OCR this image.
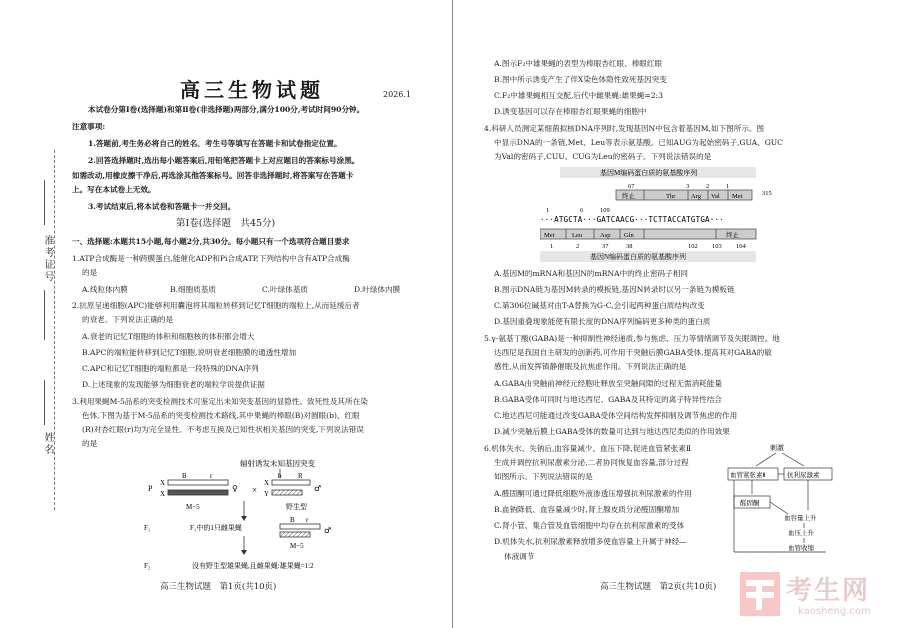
准考证号
姓名
高三生物试题	2026.1
本试卷分第Ⅰ卷(选择题)和第Ⅱ卷(非选择题)两部分,满分100分,考试时间90分钟。
注意事项:
1.答题前,考生务必将自己的姓名、考生号等填写在答题卡和试卷指定位置。
2.回答选择题时,选出每小题答案后,用铅笔把答题卡上对应题目的答案标号涂黑。
如需改动,用橡皮擦干净后,再选涂其他答案标号。回答非选择题时,将答案写在答题卡
上。写在本试卷上无效。
3.考试结束后,将本试卷和答题卡一并交回。
第Ⅰ卷(选择题　共45分)
一、选择题:本题共15小题,每小题2分,共30分。每小题只有一个选项符合题目要求
1.ATP合成酶是一种跨膜蛋白,能催化ADP和Pi合成ATP,下列结构中含有ATP合成酶
的是
A.线粒体内膜	B.细胞质基质	C.叶绿体基质	D.叶绿体内膜
2.抗原呈递细胞(APC)能够利用囊泡将其端粒转移到记忆T细胞的端粒上,从而延缓后者
的衰老。下列说法正确的是
A.衰老的记忆T细胞的体积和细胞核的体积都会增大
B.APC的端粒能转移到记忆T细胞,说明衰老细胞膜的通透性增加
C.APC和记忆T细胞的端粒都是一段特殊的DNA序列
D.上述现象的发现能够为细胞衰老的端粒学说提供证据
3.利用果蝇M-5品系的突变检测技术可鉴定出未知突变基因的显隐性、致死性及其所在染
色体,下图为基于M-5品系的突变检测技术路线,其中果蝇的棒眼(B)对圆眼(b)、红眼
(R)对杏红眼(r)均为完全显性。不考虑互换及已知性状相关基因的突变,下列说法错误
的是
辐射诱发未知基因突变
P
X
X
B	r
♀
M−5
×
X
Y
b R
♂
野生型
F₁	F₁中的1只雌果蝇
B r
♂
M−5
F₂	没有野生型雄果蝇,且雌果蝇:雄果蝇=1:2
高三生物试题　第1页(共10页)
A.图示F₂中雄果蝇的表型为棒眼杏红眼、棒眼红眼
B.图中所示诱变产生了伴X染色体隐性致死基因突变
C.F₂中雄果蝇相互交配,后代中雌果蝇:雄果蝇=2:3
D.诱变基因可以存在棒眼杏红眼果蝇的细胞中
4.科研人员测定某细菌拟核DNA序列时,发现基因N中包含着基因M,如下图所示。图
中显示DNA的一条链,Met、Leu等表示氨基酸。已知AUG为起始密码子,GUA、GUC
为Val的密码子,CUU、CUG为Leu的密码子。下列说法错误的是
基因M编码蛋白质的氨基酸序列
67	3	2	1
终止	Thr Arg Val Met	315
1	6	109
···ATGCTA···GATCAACG···TCTTACCATGTGA···
Met	Leu	Asp Gln	终止
1	2	37	38	102 103 104
基因N编码蛋白质的氨基酸序列
A.基因M的mRNA和基因N的mRNA中的终止密码子相同
B.图示DNA链为基因M转录的模板链,基因N转录时以另一条链为模板链
C.第306位碱基对由T-A替换为G-C,会引起两种蛋白质结构改变
D.基因重叠现象能使有限长度的DNA序列编码更多种类的蛋白质
5.γ-氨基丁酸(GABA)是一种抑制性神经递质,参与焦虑、压力等情绪调节及失眠调控。地
达西尼是我国自主研发的创新药,可作用于突触后膜GABA受体,提高其对GABA的敏
感性,从而发挥镇静催眠及抗焦虑作用。下列说法正确的是
A.GABA由突触前神经元经胞吐释放至突触间隙的过程无需消耗能量
B.GABA受体可同时与地达西尼、GABA及其特定的离子特异性结合
C.地达西尼可能通过改变GABA受体空间结构发挥抑制及调节焦虑的作用
D.减少突触后膜上GABA受体的数量可达到与地达西尼类似的作用效果
6.机体失水、失钠后,血容量减少、血压下降,促进血管紧张素Ⅱ
生成并调控抗利尿激素分泌,二者协同恢复血容量,部分过程
如图所示。下列说法错误的是
A.醛固酮可通过降低细胞外液渗透压增强抗利尿激素的作用
B.血钠降低、血容量减少时,肾上腺皮质分泌醛固酮增加
C.肾小管、集合管及血管细胞中均存在抗利尿激素的受体
D.机体失水,抗利尿激素释放增多使血容量上升属于神经—
体液调节
刺激
血管紧张素Ⅱ	抗利尿激素
醛固酮
血容量上升
血压上升
血管收缩
高三生物试题　第2页(共10页)	考生网
kaosheng.com
